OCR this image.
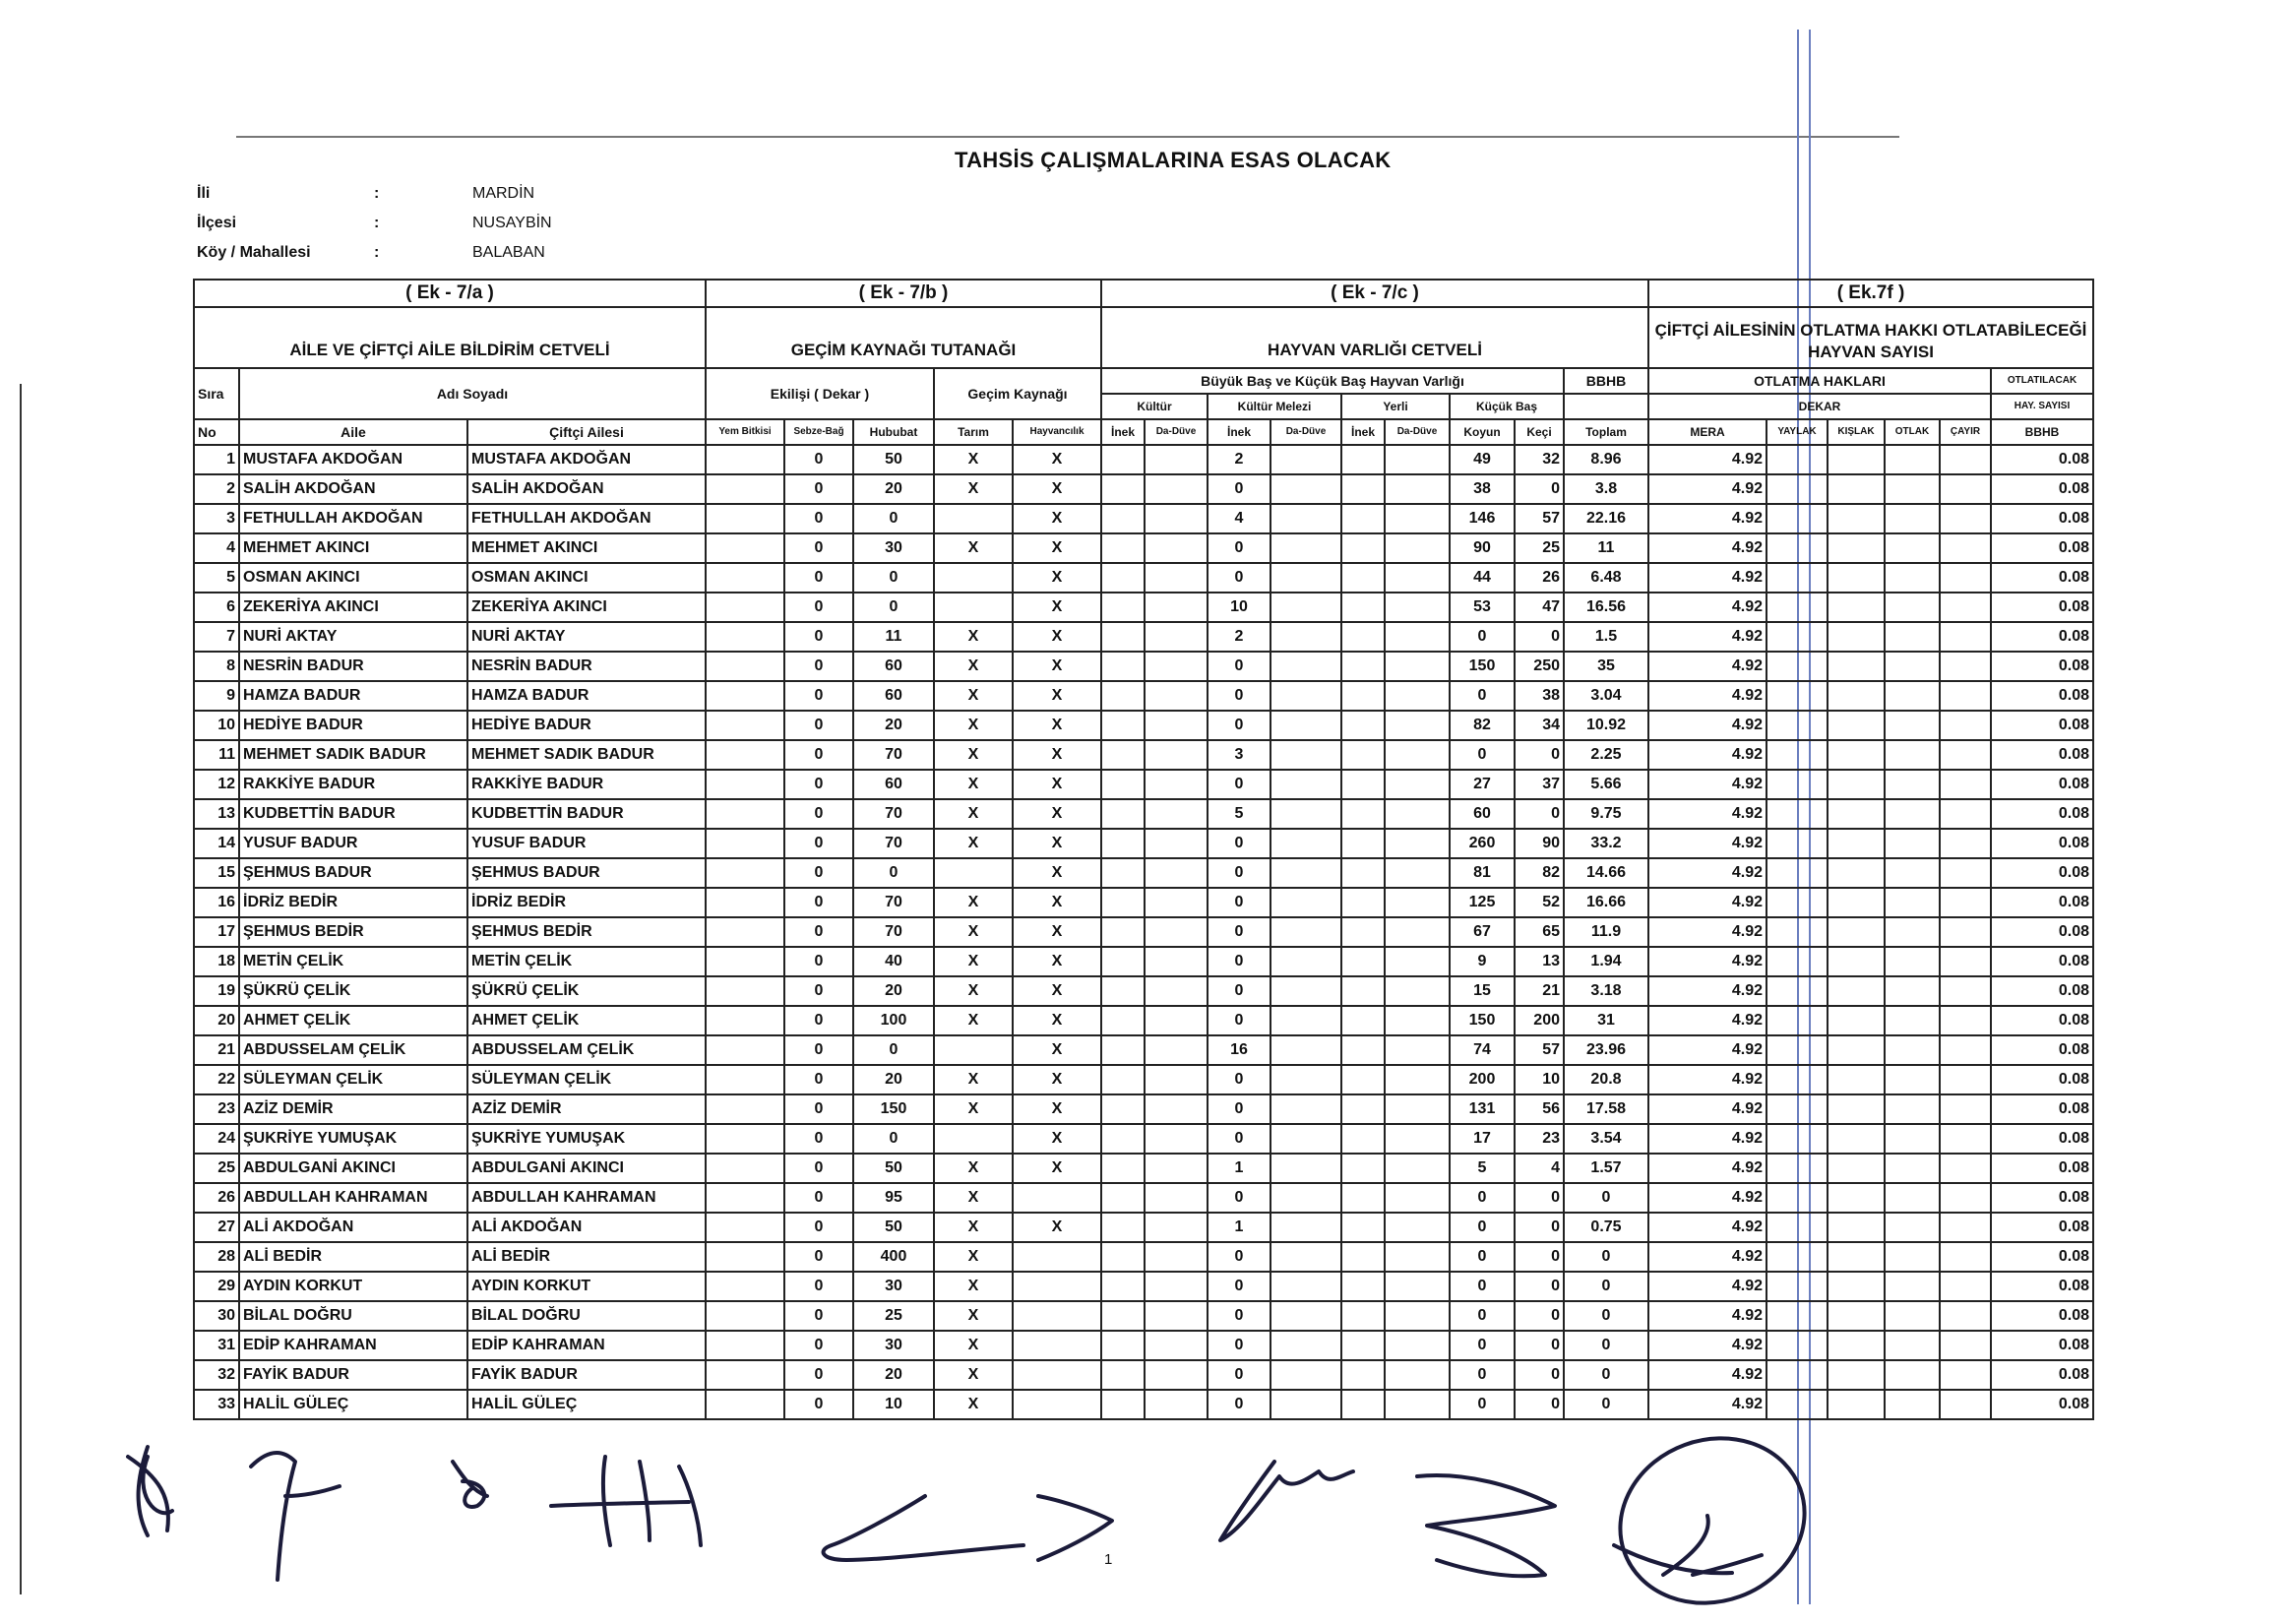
TAHSİS ÇALIŞMALARINA ESAS OLACAK
İli	:	MARDİN
İlçesi	:	NUSAYBİN
Köy / Mahallesi	:	BALABAN
( Ek - 7/a )			( Ek - 7/b )					( Ek - 7/c )									( Ek.7f )					
AİLE VE ÇİFTÇİ AİLE BİLDİRİM CETVELİ			GEÇİM KAYNAĞI TUTANAĞI					HAYVAN VARLIĞI CETVELİ									ÇİFTÇİ AİLESİNİN OTLATMA HAKKI OTLATABİLECEĞİ HAYVAN SAYISI					
Sıra	Adı Soyadı		Ekilişi ( Dekar )			Geçim Kaynağı		Büyük Baş ve Küçük Baş Hayvan Varlığı								BBHB	OTLATMA HAKLARI					OTLATILACAK
								Kültür		Kültür Melezi		Yerli		Küçük Baş			DEKAR					HAY. SAYISI
No	Aile	Çiftçi Ailesi	Yem Bitkisi	Sebze-Bağ	Hububat	Tarım	Hayvancılık	İnek	Da-Düve	İnek	Da-Düve	İnek	Da-Düve	Koyun	Keçi	Toplam	MERA	YAYLAK	KIŞLAK	OTLAK	ÇAYIR	BBHB
1	MUSTAFA AKDOĞAN	MUSTAFA AKDOĞAN		0	50	X	X			2				49	32	8.96	4.92					0.08
2	SALİH AKDOĞAN	SALİH AKDOĞAN		0	20	X	X			0				38	0	3.8	4.92					0.08
3	FETHULLAH AKDOĞAN	FETHULLAH AKDOĞAN		0	0		X			4				146	57	22.16	4.92					0.08
4	MEHMET AKINCI	MEHMET AKINCI		0	30	X	X			0				90	25	11	4.92					0.08
5	OSMAN AKINCI	OSMAN AKINCI		0	0		X			0				44	26	6.48	4.92					0.08
6	ZEKERİYA AKINCI	ZEKERİYA AKINCI		0	0		X			10				53	47	16.56	4.92					0.08
7	NURİ AKTAY	NURİ AKTAY		0	11	X	X			2				0	0	1.5	4.92					0.08
8	NESRİN BADUR	NESRİN BADUR		0	60	X	X			0				150	250	35	4.92					0.08
9	HAMZA BADUR	HAMZA BADUR		0	60	X	X			0				0	38	3.04	4.92					0.08
10	HEDİYE BADUR	HEDİYE BADUR		0	20	X	X			0				82	34	10.92	4.92					0.08
11	MEHMET SADIK BADUR	MEHMET SADIK BADUR		0	70	X	X			3				0	0	2.25	4.92					0.08
12	RAKKİYE BADUR	RAKKİYE BADUR		0	60	X	X			0				27	37	5.66	4.92					0.08
13	KUDBETTİN BADUR	KUDBETTİN BADUR		0	70	X	X			5				60	0	9.75	4.92					0.08
14	YUSUF BADUR	YUSUF BADUR		0	70	X	X			0				260	90	33.2	4.92					0.08
15	ŞEHMUS BADUR	ŞEHMUS BADUR		0	0		X			0				81	82	14.66	4.92					0.08
16	İDRİZ BEDİR	İDRİZ BEDİR		0	70	X	X			0				125	52	16.66	4.92					0.08
17	ŞEHMUS BEDİR	ŞEHMUS BEDİR		0	70	X	X			0				67	65	11.9	4.92					0.08
18	METİN ÇELİK	METİN ÇELİK		0	40	X	X			0				9	13	1.94	4.92					0.08
19	ŞÜKRÜ ÇELİK	ŞÜKRÜ ÇELİK		0	20	X	X			0				15	21	3.18	4.92					0.08
20	AHMET ÇELİK	AHMET ÇELİK		0	100	X	X			0				150	200	31	4.92					0.08
21	ABDUSSELAM ÇELİK	ABDUSSELAM ÇELİK		0	0		X			16				74	57	23.96	4.92					0.08
22	SÜLEYMAN ÇELİK	SÜLEYMAN ÇELİK		0	20	X	X			0				200	10	20.8	4.92					0.08
23	AZİZ DEMİR	AZİZ DEMİR		0	150	X	X			0				131	56	17.58	4.92					0.08
24	ŞUKRİYE YUMUŞAK	ŞUKRİYE YUMUŞAK		0	0		X			0				17	23	3.54	4.92					0.08
25	ABDULGANİ AKINCI	ABDULGANİ AKINCI		0	50	X	X			1				5	4	1.57	4.92					0.08
26	ABDULLAH KAHRAMAN	ABDULLAH KAHRAMAN		0	95	X				0				0	0	0	4.92					0.08
27	ALİ AKDOĞAN	ALİ AKDOĞAN		0	50	X	X			1				0	0	0.75	4.92					0.08
28	ALİ BEDİR	ALİ BEDİR		0	400	X				0				0	0	0	4.92					0.08
29	AYDIN KORKUT	AYDIN KORKUT		0	30	X				0				0	0	0	4.92					0.08
30	BİLAL DOĞRU	BİLAL DOĞRU		0	25	X				0				0	0	0	4.92					0.08
31	EDİP KAHRAMAN	EDİP KAHRAMAN		0	30	X				0				0	0	0	4.92					0.08
32	FAYİK BADUR	FAYİK BADUR		0	20	X				0				0	0	0	4.92					0.08
33	HALİL GÜLEÇ	HALİL GÜLEÇ		0	10	X				0				0	0	0	4.92					0.08
1
